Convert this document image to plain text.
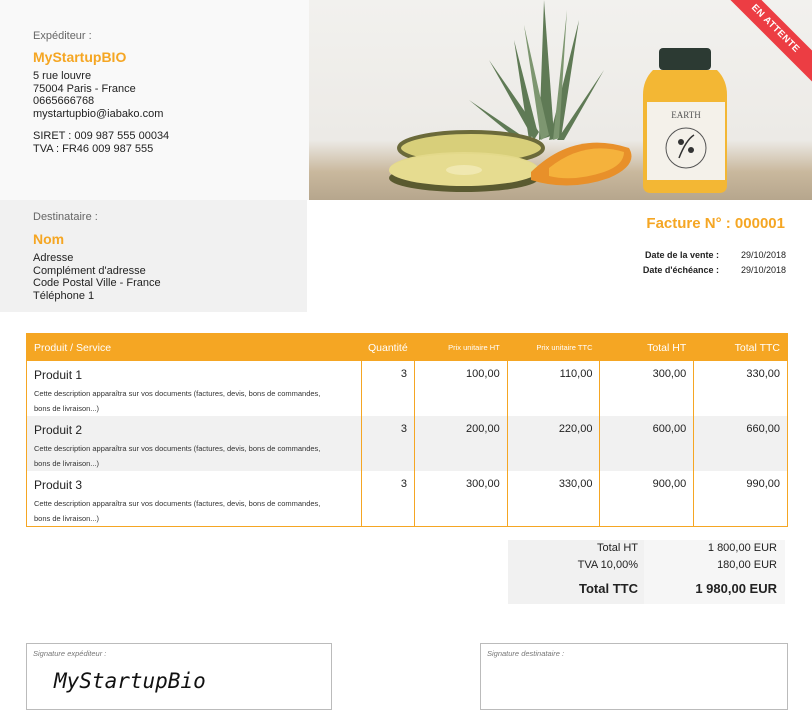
Expéditeur :
MyStartupBIO
5 rue louvre
75004 Paris - France
0665666768
mystartupbio@iabako.com
SIRET : 009 987 555 00034
TVA : FR46 009 987 555
EARTH
EN ATTENTE
Destinataire :
Nom
Adresse
Complément d'adresse
Code Postal Ville - France
Téléphone 1
Facture N° : 000001
Date de la vente :	29/10/2018
Date d'échéance :	29/10/2018
Produit / Service	Quantité	Prix unitaire HT	Prix unitaire TTC	Total HT	Total TTC
Produit 1
Cette description apparaîtra sur vos documents (factures, devis, bons de commandes,
bons de livraison...)
3	100,00	110,00	300,00	330,00
Produit 2
Cette description apparaîtra sur vos documents (factures, devis, bons de commandes,
bons de livraison...)
3	200,00	220,00	600,00	660,00
Produit 3
Cette description apparaîtra sur vos documents (factures, devis, bons de commandes,
bons de livraison...)
3	300,00	330,00	900,00	990,00
Total HT	1 800,00 EUR
TVA 10,00%	180,00 EUR
Total TTC	1 980,00 EUR
Signature expéditeur :
MyStartupBio
Signature destinataire :
